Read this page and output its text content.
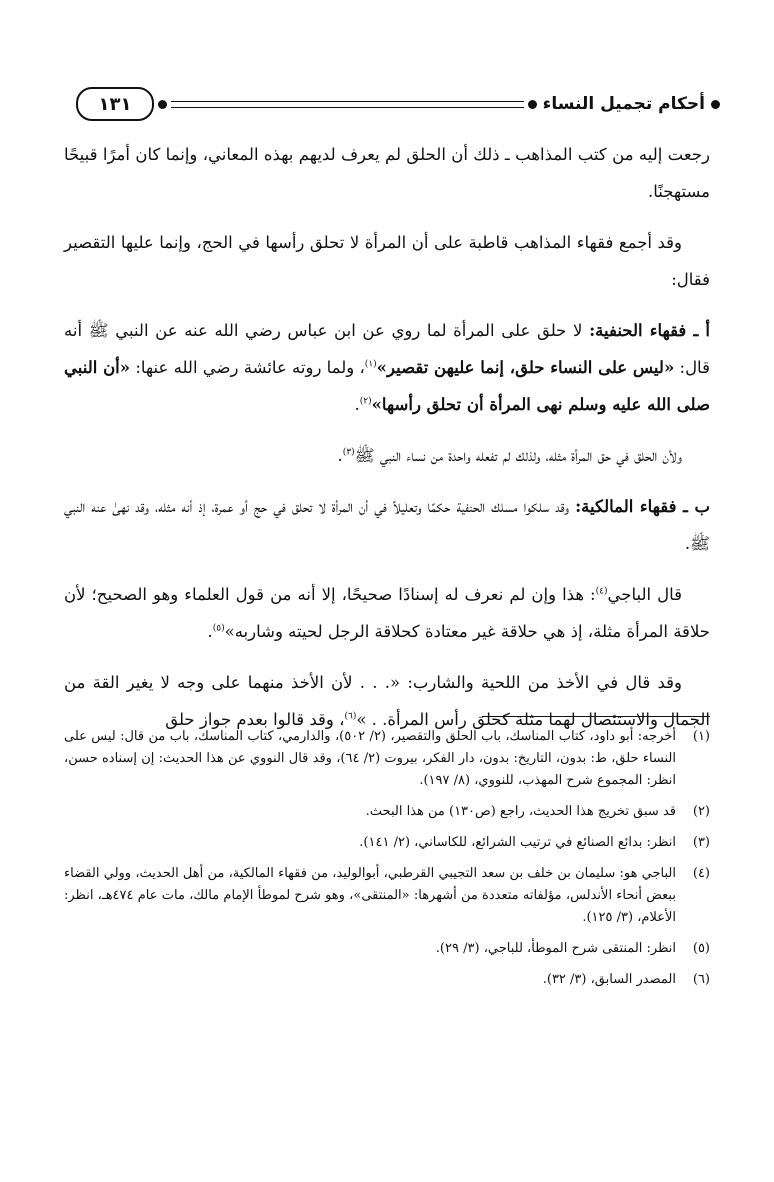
أحكام تجميل النساء
١٣١

رجعت إليه من كتب المذاهب ـ ذلك أن الحلق لم يعرف لديهم بهذه المعاني، وإنما كان أمرًا قبيحًا مستهجنًا.

وقد أجمع فقهاء المذاهب قاطبة على أن المرأة لا تحلق رأسها في الحج، وإنما عليها التقصير فقال:

أ ـ فقهاء الحنفية: لا حلق على المرأة لما روي عن ابن عباس رضي الله عنه عن النبي ﷺ أنه قال: «ليس على النساء حلق، إنما عليهن تقصير»$^{(١)}$، ولما روته عائشة رضي الله عنها: «أن النبي صلى الله عليه وسلم نهى المرأة أن تحلق رأسها»$^{(٢)}$.

ولأن الحلق في حق المرأة مثله، ولذلك لم تفعله واحدة من نساء النبي ﷺ$^{(٣)}$.

ب ـ فقهاء المالكية: وقد سلكوا مسلك الحنفية حكمًا وتعليلاً في أن المرأة لا تحلق في حج أو عمرة، إذ أنه مثله، وقد نهىٰ عنه النبي ﷺ.

قال الباجي$^{(٤)}$: هذا وإن لم نعرف له إسنادًا صحيحًا، إلا أنه من قول العلماء وهو الصحيح؛ لأن حلاقة المرأة مثلة، إذ هي حلاقة غير معتادة كحلاقة الرجل لحيته وشاربه»$^{(٥)}$.

وقد قال في الأخذ من اللحية والشارب: «. . . لأن الأخذ منهما على وجه لا يغير القة من الجمال والاستئصال لهما مثلة كحلق رأس المرأة. . »$^{(٦)}$، وقد قالوا بعدم جواز حلق

(١)
أخرجه: أبو داود، كتاب المناسك، باب الحلق والتقصير، (٢/ ٥٠٢)، والدارمي، كتاب المناسك، باب من قال: ليس على النساء حلق، ط: بدون، التاريخ: بدون، دار الفكر، بيروت (٢/ ٦٤)، وقد قال النووي عن هذا الحديث: إن إسناده حسن، انظر: المجموع شرح المهذب، للنووي، (٨/ ١٩٧).
(٢)
قد سبق تخريج هذا الحديث، راجع (ص١٣٠) من هذا البحث.
(٣)
انظر: بدائع الصنائع في ترتيب الشرائع، للكاساني، (٢/ ١٤١).
(٤)
الباجي هو: سليمان بن خلف بن سعد التجيبي القرطبي، أبوالوليد، من فقهاء المالكية، من أهل الحديث، وولي القضاء ببعض أنحاء الأندلس، مؤلفاته متعددة من أشهرها: «المنتقى»، وهو شرح لموطأ الإمام مالك، مات عام ٤٧٤هـ، انظر: الأعلام، (٣/ ١٢٥).
(٥)
انظر: المنتقى شرح الموطأ، للباجي، (٣/ ٢٩).
(٦)
المصدر السابق، (٣/ ٣٢).
